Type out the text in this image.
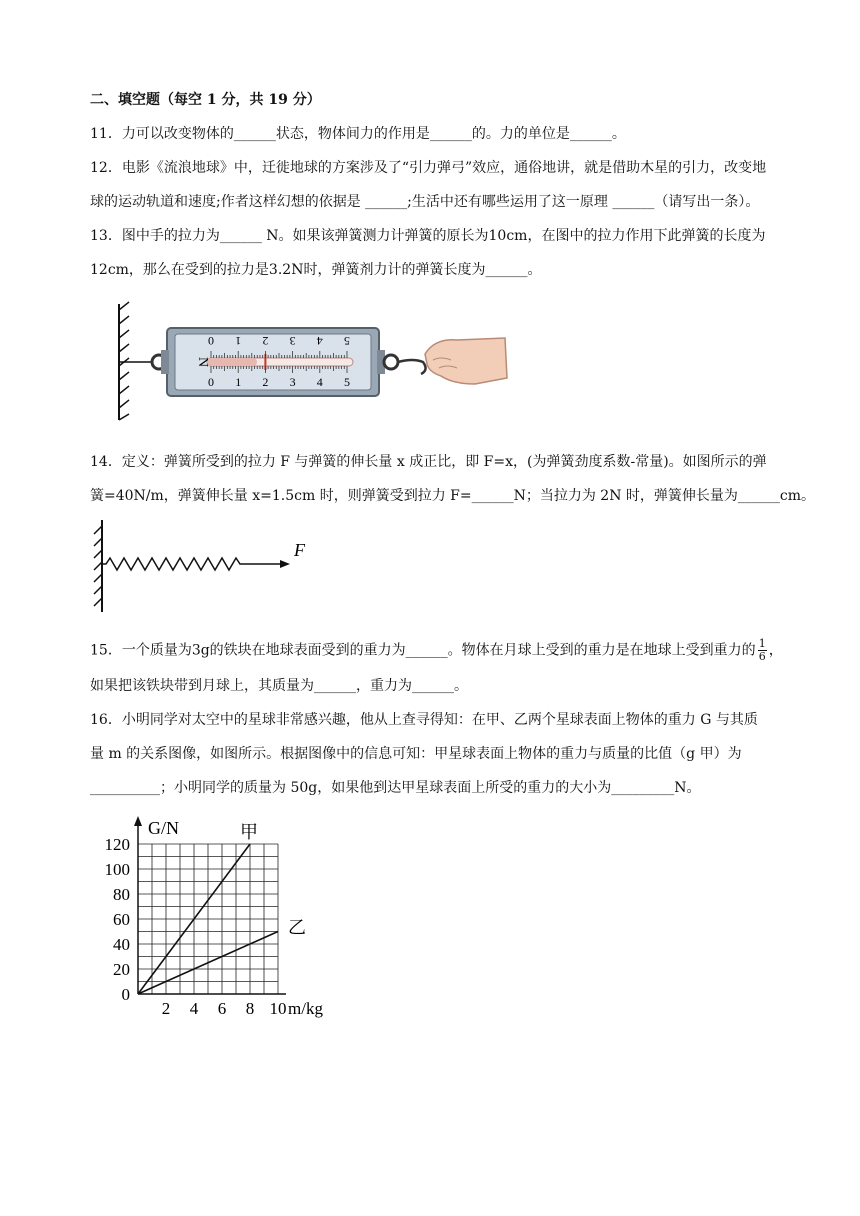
二、填空题（每空 1 分，共 19 分）
11．力可以改变物体的______状态，物体间力的作用是______的。力的单位是______。
12．电影《流浪地球》中，迁徙地球的方案涉及了“引力弹弓”效应，通俗地讲，就是借助木星的引力，改变地
球的运动轨道和速度;作者这样幻想的依据是 ______;生活中还有哪些运用了这一原理 ______（请写出一条）。
13．图中手的拉力为______ N。如果该弹簧测力计弹簧的原长为10cm，在图中的拉力作用下此弹簧的长度为
12cm，那么在受到的拉力是3.2N时，弹簧剂力计的弹簧长度为______。
N
5
4
3
2
1
0
0 1 2 3 4 5
14．定义：弹簧所受到的拉力 F 与弹簧的伸长量 x 成正比，即 F=x，(为弹簧劲度系数-常量)。如图所示的弹
簧=40N/m，弹簧伸长量 x=1.5cm 时，则弹簧受到拉力 F=______N；当拉力为 2N 时，弹簧伸长量为______cm。
F
15．一个质量为3g的铁块在地球表面受到的重力为______。物体在月球上受到的重力是在地球上受到重力的 $\frac{1}{6}$ ，
如果把该铁块带到月球上，其质量为______，重力为______。
16．小明同学对太空中的星球非常感兴趣，他从上查寻得知：在甲、乙两个星球表面上物体的重力 G 与其质
量 m 的关系图像，如图所示。根据图像中的信息可知：甲星球表面上物体的重力与质量的比值（g 甲）为
__________；小明同学的质量为 50g，如果他到达甲星球表面上所受的重力的大小为_________N。
0
20
40
60
80
100
120
2 4 6 8 10
G/N
m/kg
甲
乙
